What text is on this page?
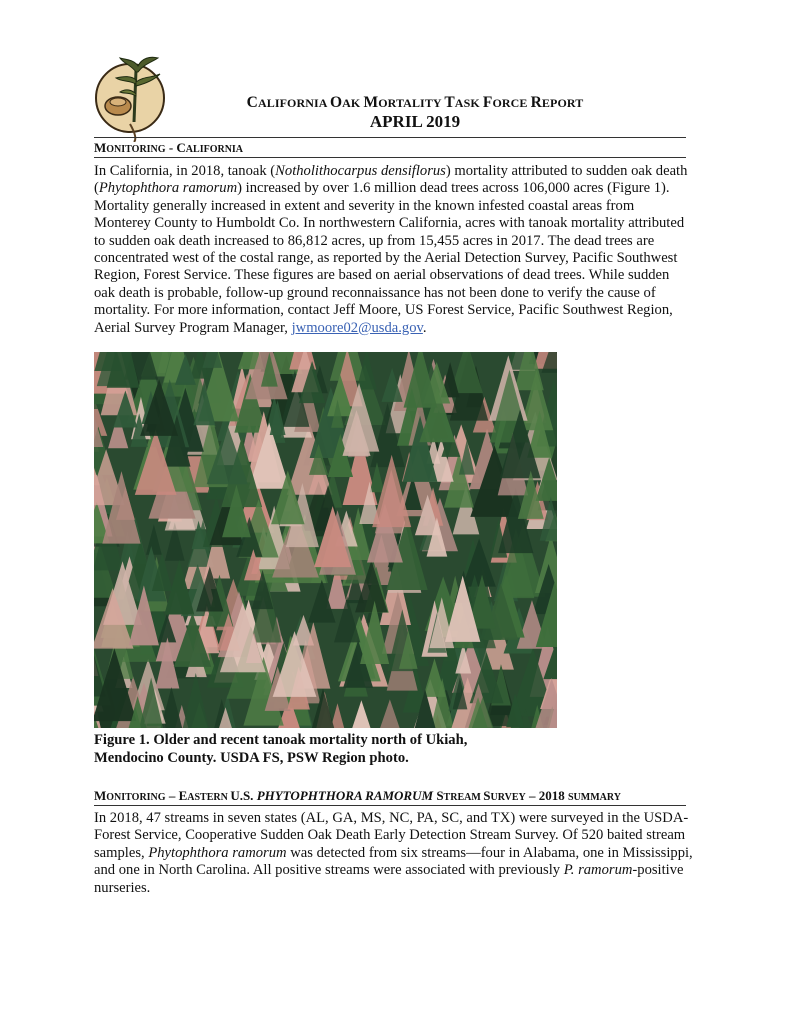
CALIFORNIA OAK MORTALITY TASK FORCE REPORT
APRIL 2019
MONITORING - CALIFORNIA
In California, in 2018, tanoak (Notholithocarpus densiflorus) mortality attributed to sudden oak death (Phytophthora ramorum) increased by over 1.6 million dead trees across 106,000 acres (Figure 1). Mortality generally increased in extent and severity in the known infested coastal areas from Monterey County to Humboldt Co. In northwestern California, acres with tanoak mortality attributed to sudden oak death increased to 86,812 acres, up from 15,455 acres in 2017. The dead trees are concentrated west of the costal range, as reported by the Aerial Detection Survey, Pacific Southwest Region, Forest Service. These figures are based on aerial observations of dead trees. While sudden oak death is probable, follow-up ground reconnaissance has not been done to verify the cause of mortality. For more information, contact Jeff Moore, US Forest Service, Pacific Southwest Region, Aerial Survey Program Manager, jwmoore02@usda.gov.
Figure 1. Older and recent tanoak mortality north of Ukiah,
Mendocino County. USDA FS, PSW Region photo.
MONITORING – EASTERN U.S. PHYTOPHTHORA RAMORUM STREAM SURVEY – 2018 SUMMARY
In 2018, 47 streams in seven states (AL, GA, MS, NC, PA, SC, and TX) were surveyed in the USDA-Forest Service, Cooperative Sudden Oak Death Early Detection Stream Survey. Of 520 baited stream samples, Phytophthora ramorum was detected from six streams—four in Alabama, one in Mississippi, and one in North Carolina. All positive streams were associated with previously P. ramorum-positive nurseries.
